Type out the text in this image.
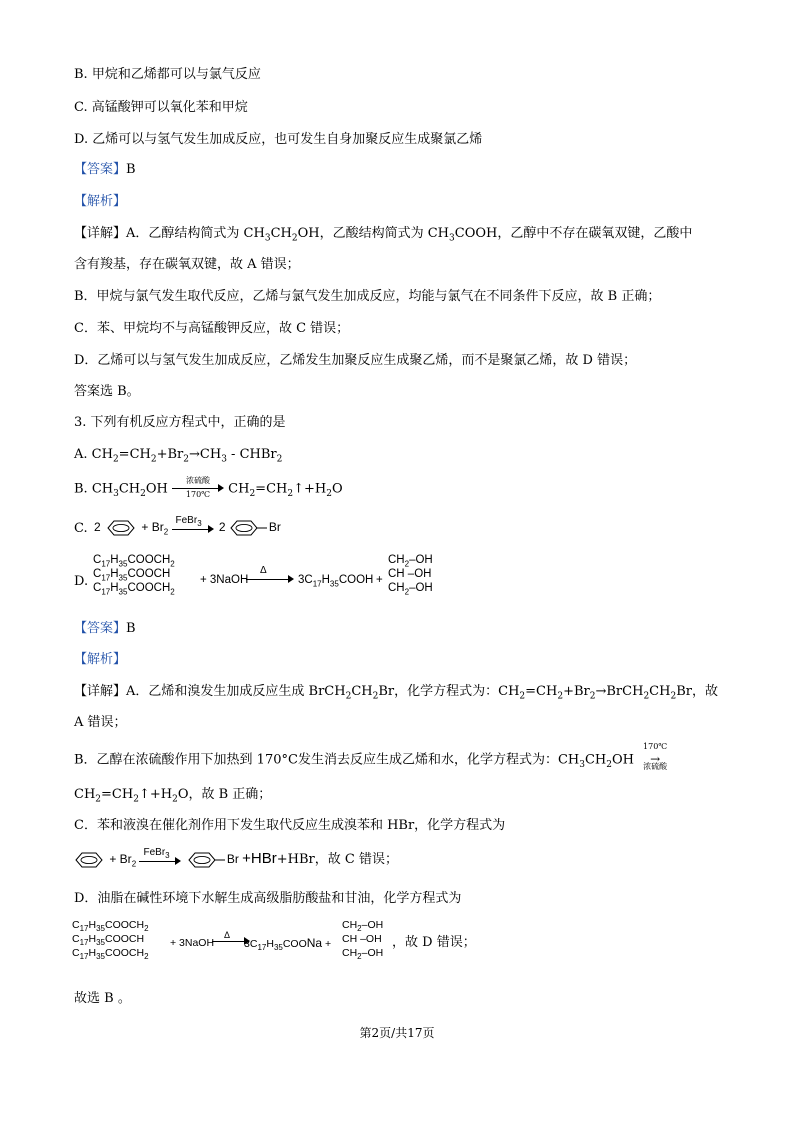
B. 甲烷和乙烯都可以与氯气反应
C. 高锰酸钾可以氧化苯和甲烷
D. 乙烯可以与氢气发生加成反应，也可发生自身加聚反应生成聚氯乙烯
【答案】B
【解析】
【详解】A．乙醇结构简式为 $CH_3CH_2OH$，乙酸结构简式为 $CH_3COOH$，乙醇中不存在碳氧双键，乙酸中
含有羧基，存在碳氧双键，故 A 错误；
B．甲烷与氯气发生取代反应，乙烯与氯气发生加成反应，均能与氯气在不同条件下反应，故 B 正确；
C．苯、甲烷均不与高锰酸钾反应，故 C 错误；
D．乙烯可以与氢气发生加成反应，乙烯发生加聚反应生成聚乙烯，而不是聚氯乙烯，故 D 错误；
答案选 B。
3. 下列有机反应方程式中，正确的是
A. $CH_2=CH_2+Br_2\to CH_3$ - CHBr$_2$
B. $CH_3CH_2OH$
浓硫酸
170℃	$CH_2=CH_2↑+H_2O$
C. 2	+ $Br_2$
FeBr$_3$ 2	Br
D.
$C_{17}H_{35}COOCH_2$
$C_{17}H_{35}COOCH$
$C_{17}H_{35}COOCH_2$
+ 3NaOH
Δ
$3C_{17}H_{35}COOH$ +
$CH_2-OH$
CH –OH
$CH_2-OH$
【答案】B
【解析】
【详解】A．乙烯和溴发生加成反应生成 $BrCH_2CH_2Br$，化学方程式为：$CH_2=CH_2+Br_2\to BrCH_2CH_2Br$，故
A 错误；
B．乙醇在浓硫酸作用下加热到 170°C发生消去反应生成乙烯和水，化学方程式为：$CH_3CH_2OH$
170℃
→
浓硫酸
$CH_2=CH_2↑+H_2O$，故 B 正确；
C．苯和液溴在催化剂作用下发生取代反应生成溴苯和 HBr，化学方程式为
+ $Br_2$
FeBr$_3$	Br +HBr+HBr，故 C 错误；
D．油脂在碱性环境下水解生成高级脂肪酸盐和甘油，化学方程式为
$C_{17}H_{35}COOCH_2$
$C_{17}H_{35}COOCH$
$C_{17}H_{35}COOCH_2$
+ 3NaOH
Δ
$3C_{17}H_{35}COONa$ +
$CH_2-OH$
CH –OH
$CH_2-OH$
，故 D 错误；
故选 B 。
第2页/共17页
